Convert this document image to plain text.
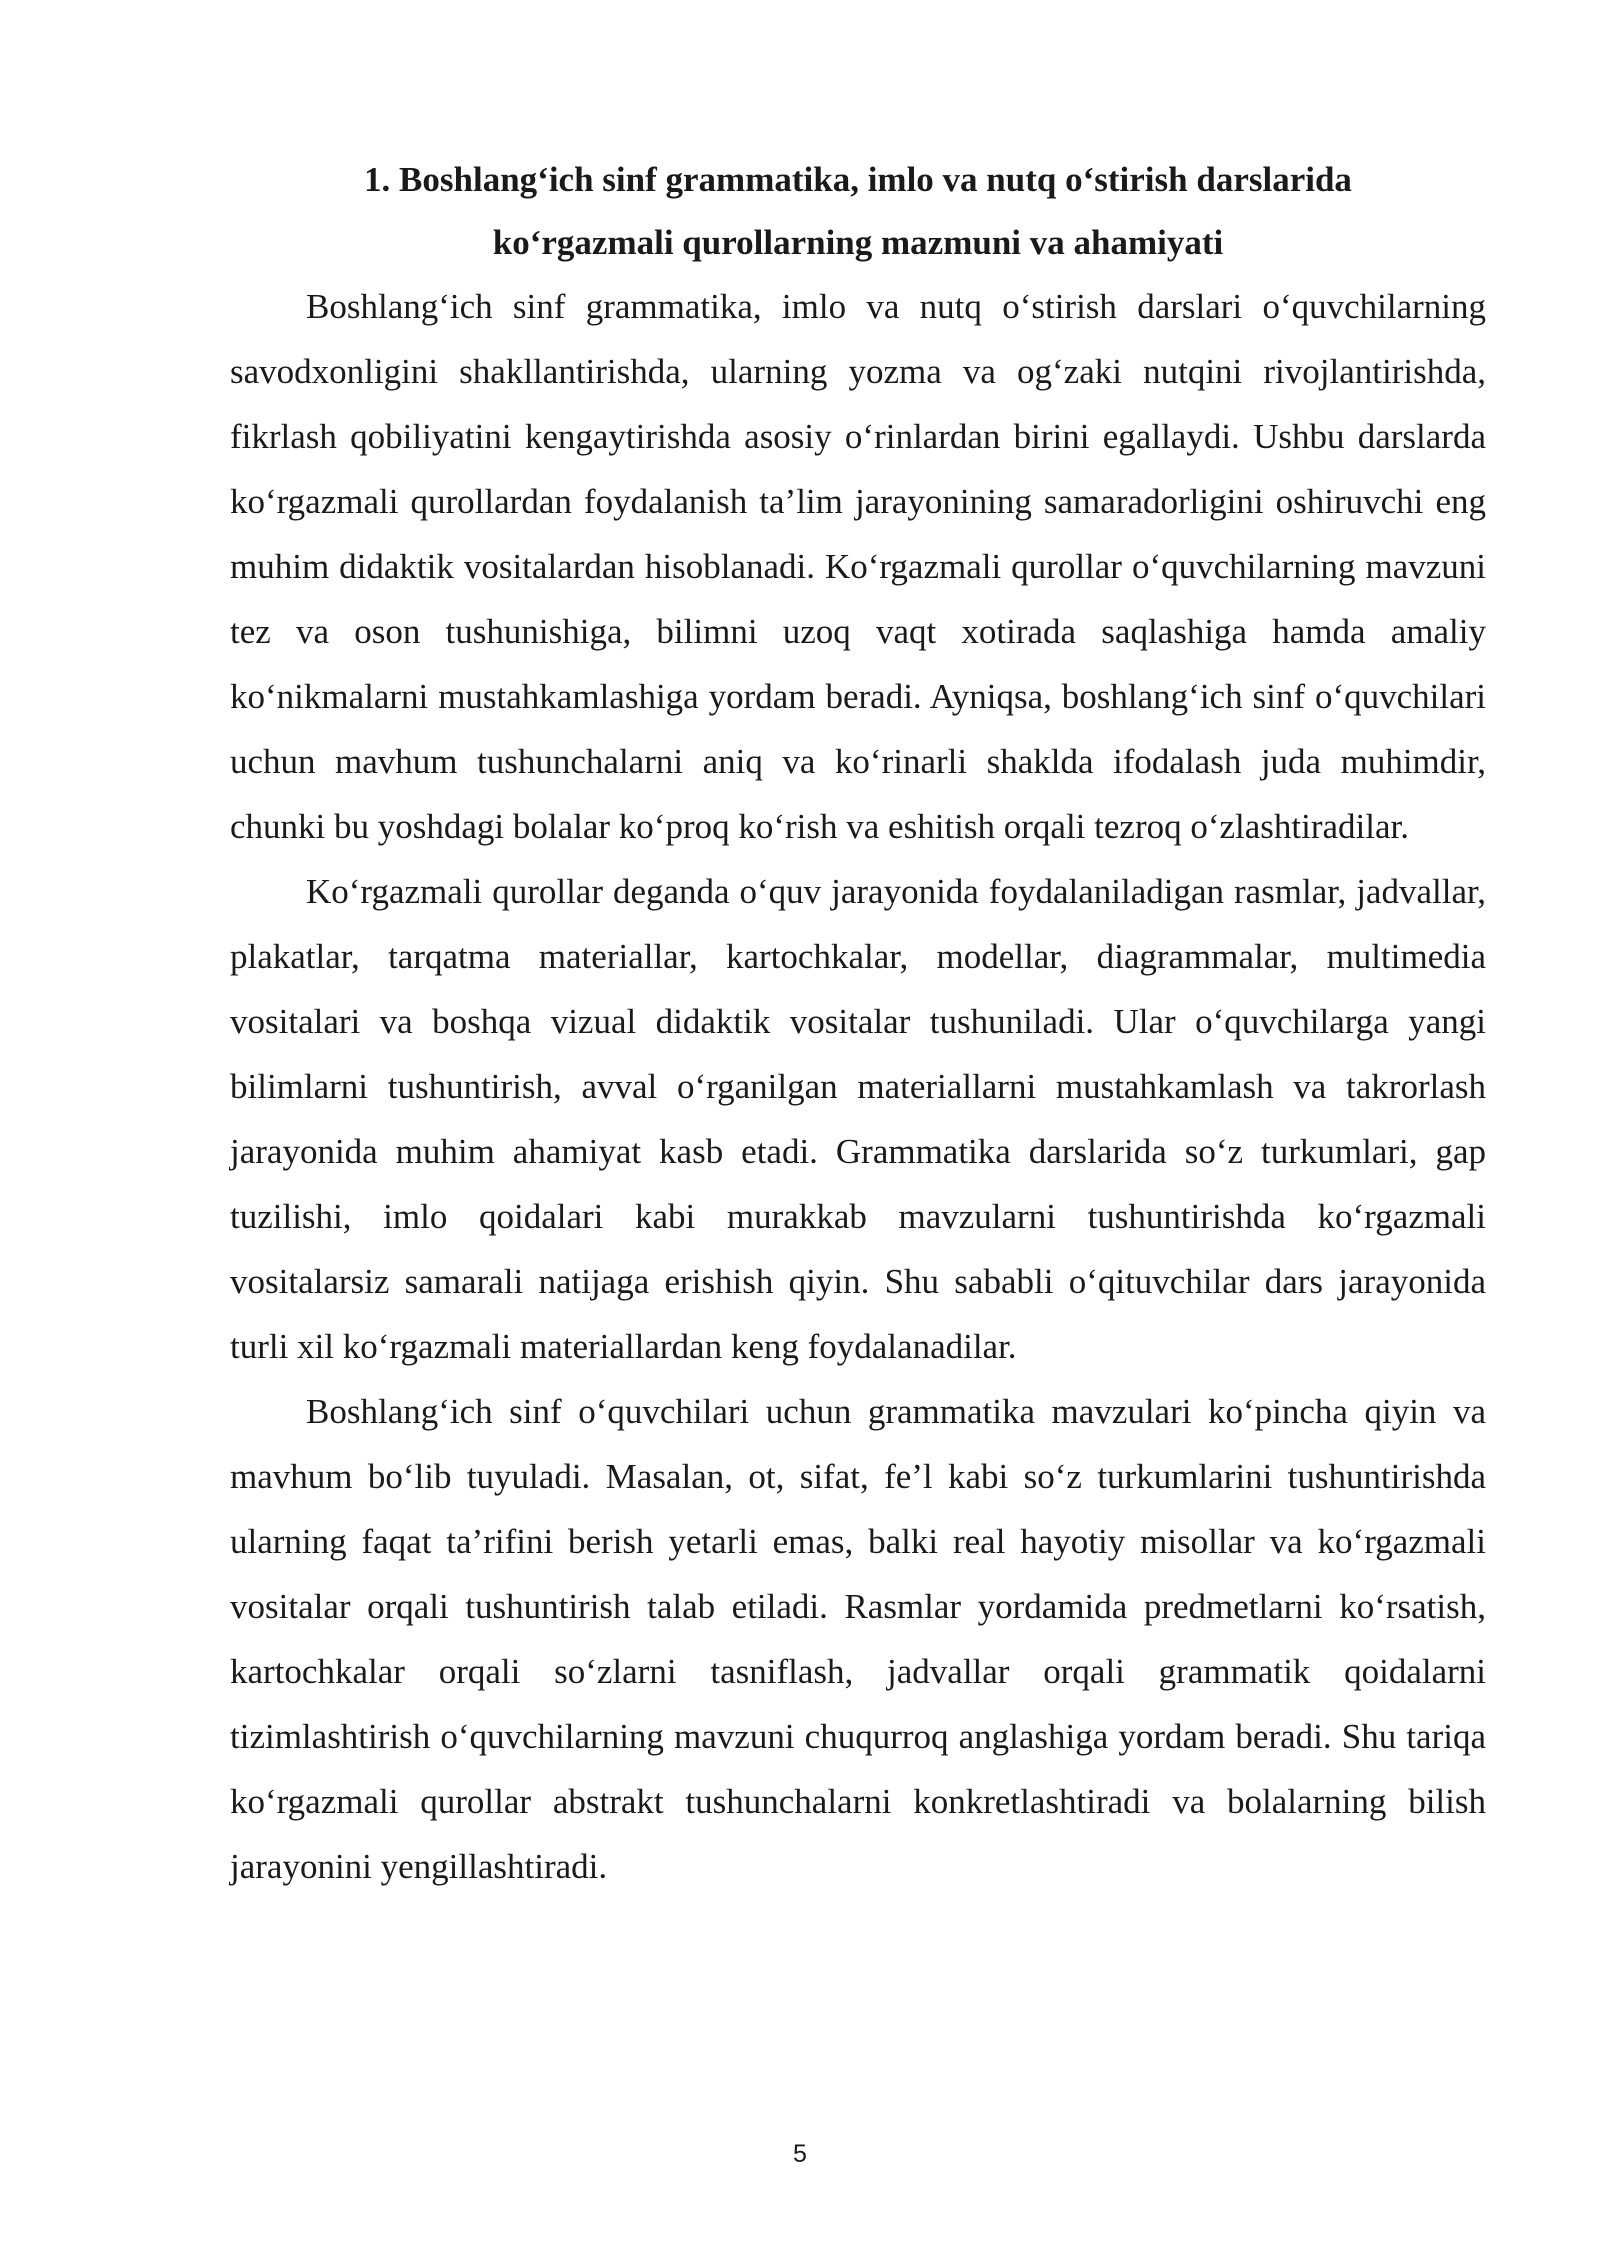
1. Boshlang‘ich sinf grammatika, imlo va nutq o‘stirish darslarida
ko‘rgazmali qurollarning mazmuni va ahamiyati

Boshlang‘ich sinf grammatika, imlo va nutq o‘stirish darslari o‘quvchilarning savodxonligini shakllantirishda, ularning yozma va og‘zaki nutqini rivojlantirishda, fikrlash qobiliyatini kengaytirishda asosiy o‘rinlardan birini egallaydi. Ushbu darslarda ko‘rgazmali qurollardan foydalanish ta’lim jarayonining samaradorligini oshiruvchi eng muhim didaktik vositalardan hisoblanadi. Ko‘rgazmali qurollar o‘quvchilarning mavzuni tez va oson tushunishiga, bilimni uzoq vaqt xotirada saqlashiga hamda amaliy ko‘nikmalarni mustahkamlashiga yordam beradi. Ayniqsa, boshlang‘ich sinf o‘quvchilari uchun mavhum tushunchalarni aniq va ko‘rinarli shaklda ifodalash juda muhimdir, chunki bu yoshdagi bolalar ko‘proq ko‘rish va eshitish orqali tezroq o‘zlashtiradilar.

Ko‘rgazmali qurollar deganda o‘quv jarayonida foydalaniladigan rasmlar, jadvallar, plakatlar, tarqatma materiallar, kartochkalar, modellar, diagrammalar, multimedia vositalari va boshqa vizual didaktik vositalar tushuniladi. Ular o‘quvchilarga yangi bilimlarni tushuntirish, avval o‘rganilgan materiallarni mustahkamlash va takrorlash jarayonida muhim ahamiyat kasb etadi. Grammatika darslarida so‘z turkumlari, gap tuzilishi, imlo qoidalari kabi murakkab mavzularni tushuntirishda ko‘rgazmali vositalarsiz samarali natijaga erishish qiyin. Shu sababli o‘qituvchilar dars jarayonida turli xil ko‘rgazmali materiallardan keng foydalanadilar.

Boshlang‘ich sinf o‘quvchilari uchun grammatika mavzulari ko‘pincha qiyin va mavhum bo‘lib tuyuladi. Masalan, ot, sifat, fe’l kabi so‘z turkumlarini tushuntirishda ularning faqat ta’rifini berish yetarli emas, balki real hayotiy misollar va ko‘rgazmali vositalar orqali tushuntirish talab etiladi. Rasmlar yordamida predmetlarni ko‘rsatish, kartochkalar orqali so‘zlarni tasniflash, jadvallar orqali grammatik qoidalarni tizimlashtirish o‘quvchilarning mavzuni chuqurroq anglashiga yordam beradi. Shu tariqa ko‘rgazmali qurollar abstrakt tushunchalarni konkretlashtiradi va bolalarning bilish jarayonini yengillashtiradi.

5
